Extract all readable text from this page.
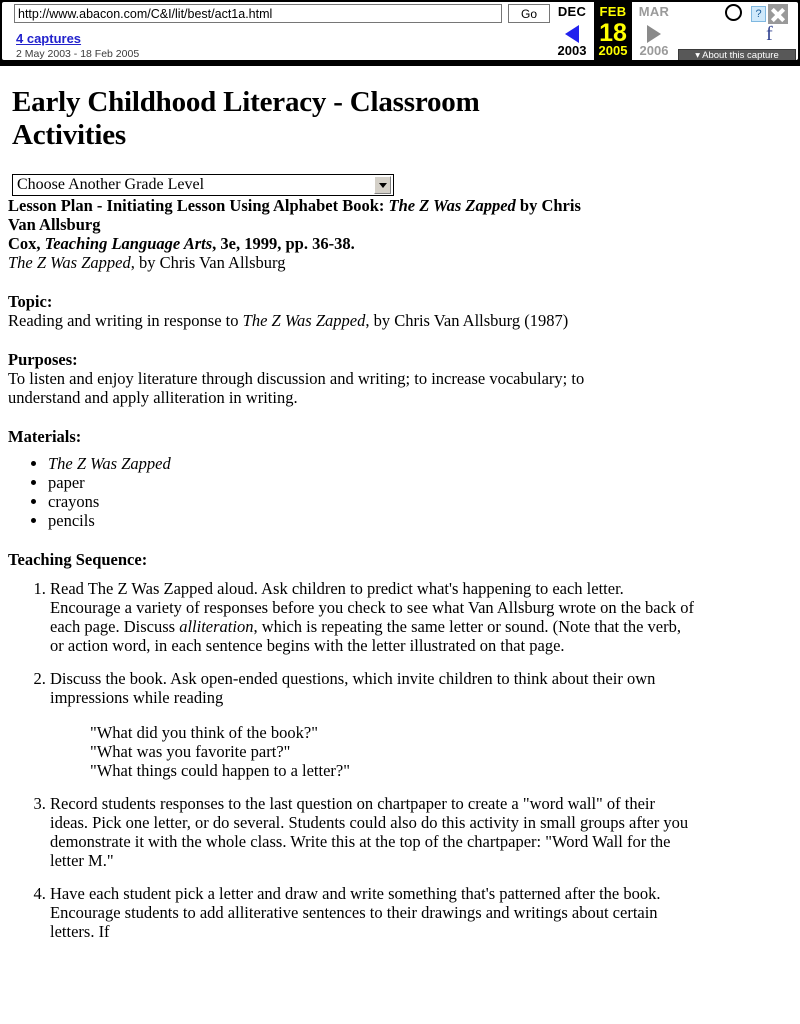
http://www.abacon.com/C&I/lit/best/act1a.html
Go
4 captures
2 May 2003 - 18 Feb 2005
DEC
2003
FEB
18
2005
MAR
2006
?
f
▾ About this capture
Early Childhood Literacy - Classroom Activities
Choose Another Grade Level

Lesson Plan - Initiating Lesson Using Alphabet Book: The Z Was Zapped by Chris Van Allsburg

Cox, Teaching Language Arts, 3e, 1999, pp. 36-38.

The Z Was Zapped, by Chris Van Allsburg

Topic:

Reading and writing in response to The Z Was Zapped, by Chris Van Allsburg (1987)

Purposes:

To listen and enjoy literature through discussion and writing; to increase vocabulary; to understand and apply alliteration in writing.

Materials:
• The Z Was Zapped
• paper
• crayons
• pencils
Teaching Sequence:
1. Read The Z Was Zapped aloud. Ask children to predict what's happening to each letter. Encourage a variety of responses before you check to see what Van Allsburg wrote on the back of each page. Discuss alliteration, which is repeating the same letter or sound. (Note that the verb, or action word, in each sentence begins with the letter illustrated on that page.
2. Discuss the book. Ask open-ended questions, which invite children to think about their own impressions while reading
"What did you think of the book?"
"What was you favorite part?"
"What things could happen to a letter?"
3. Record students responses to the last question on chartpaper to create a "word wall" of their ideas. Pick one letter, or do several. Students could also do this activity in small groups after you demonstrate it with the whole class. Write this at the top of the chartpaper: "Word Wall for the letter M."
4. Have each student pick a letter and draw and write something that's patterned after the book. Encourage students to add alliterative sentences to their drawings and writings about certain letters. If
